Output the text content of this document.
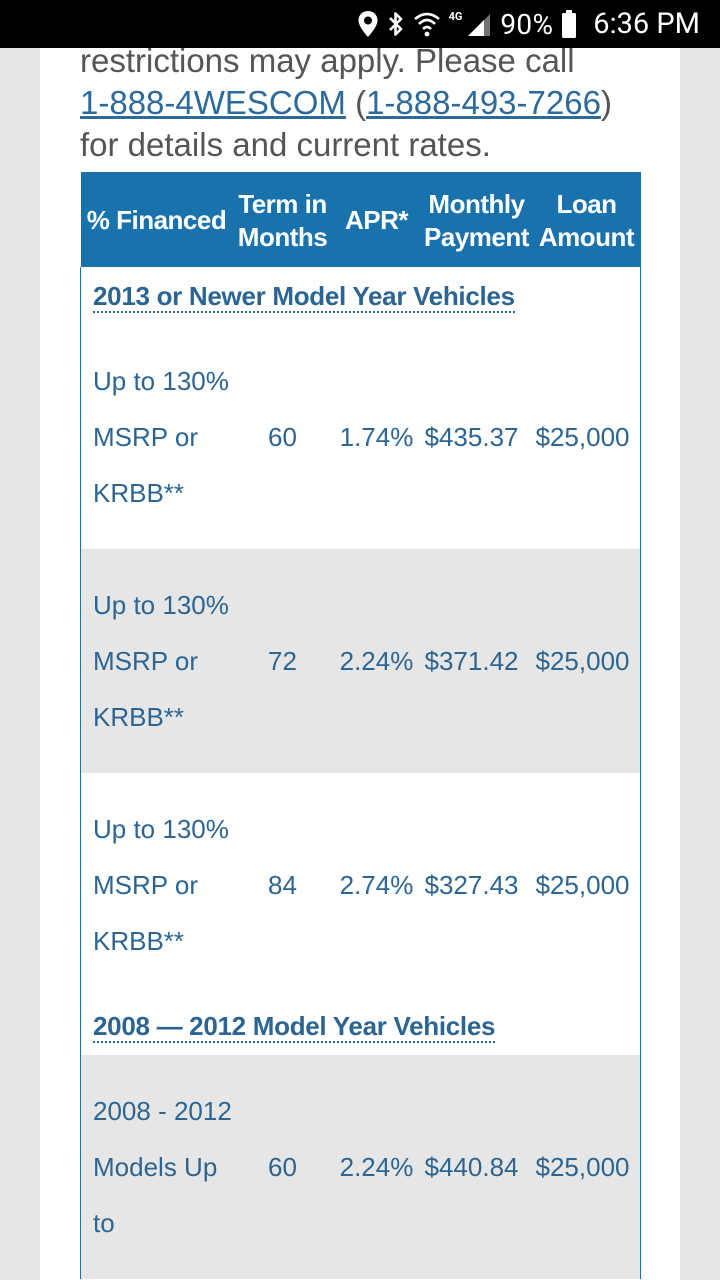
4G 90% 6:36 PM
restrictions may apply. Please call
1-888-4WESCOM (1-888-493-7266)
for details and current rates.
% Financed	Term in Months	APR*	Monthly Payment	Loan Amount
2013 or Newer Model Year Vehicles				
Up to 130% MSRP or KRBB**	60	1.74%	$435.37	$25,000
Up to 130% MSRP or KRBB**	72	2.24%	$371.42	$25,000
Up to 130% MSRP or KRBB**	84	2.74%	$327.43	$25,000
2008 — 2012 Model Year Vehicles				
2008 - 2012 Models Up to	60	2.24%	$440.84	$25,000
